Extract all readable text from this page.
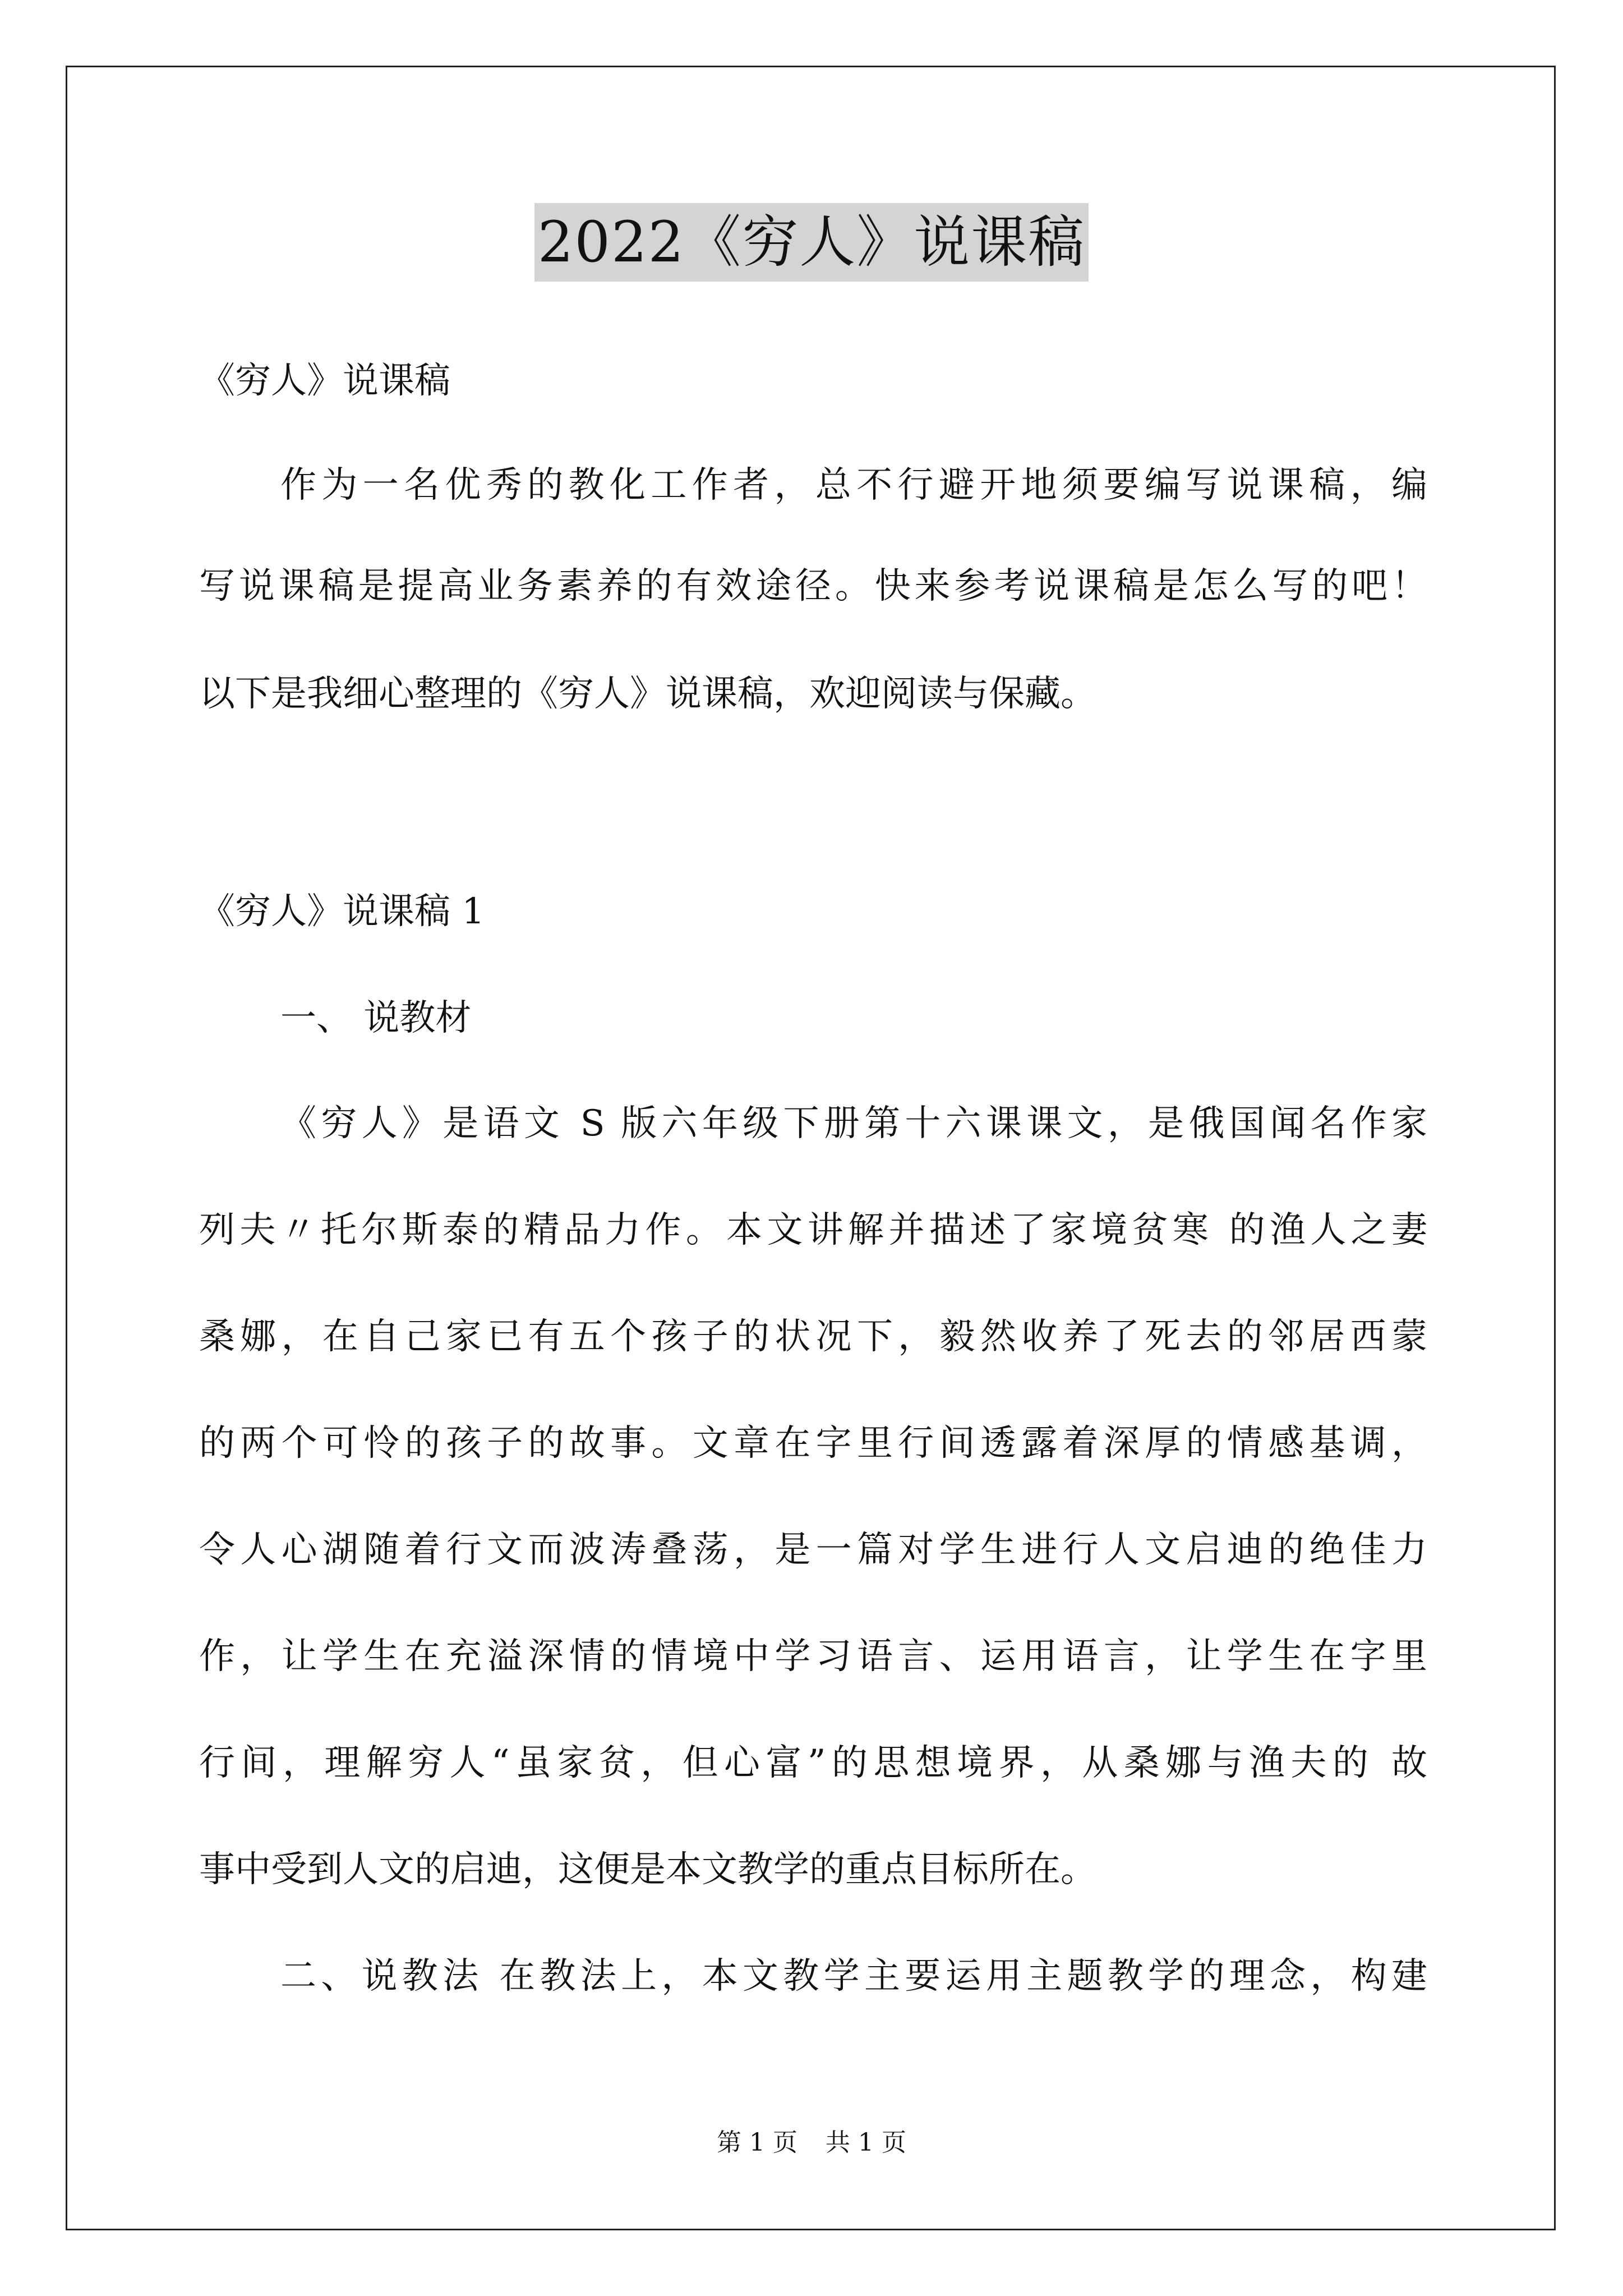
2022《穷人》说课稿
《穷人》说课稿
作为一名优秀的教化工作者，总不行避开地须要编写说课稿，编
写说课稿是提高业务素养的有效途径。快来参考说课稿是怎么写的吧！
以下是我细心整理的《穷人》说课稿，欢迎阅读与保藏。
《穷人》说课稿 1
一、 说教材
《穷人》是语文 S 版六年级下册第十六课课文，是俄国闻名作家
列夫〃托尔斯泰的精品力作。本文讲解并描述了家境贫寒 的渔人之妻
桑娜，在自己家已有五个孩子的状况下，毅然收养了死去的邻居西蒙
的两个可怜的孩子的故事。文章在字里行间透露着深厚的情感基调，
令人心湖随着行文而波涛叠荡，是一篇对学生进行人文启迪的绝佳力
作，让学生在充溢深情的情境中学习语言、运用语言，让学生在字里
行间，理解穷人“虽家贫，但心富”的思想境界，从桑娜与渔夫的 故
事中受到人文的启迪，这便是本文教学的重点目标所在。
二、说教法 在教法上，本文教学主要运用主题教学的理念，构建
第 1 页 共 1 页
